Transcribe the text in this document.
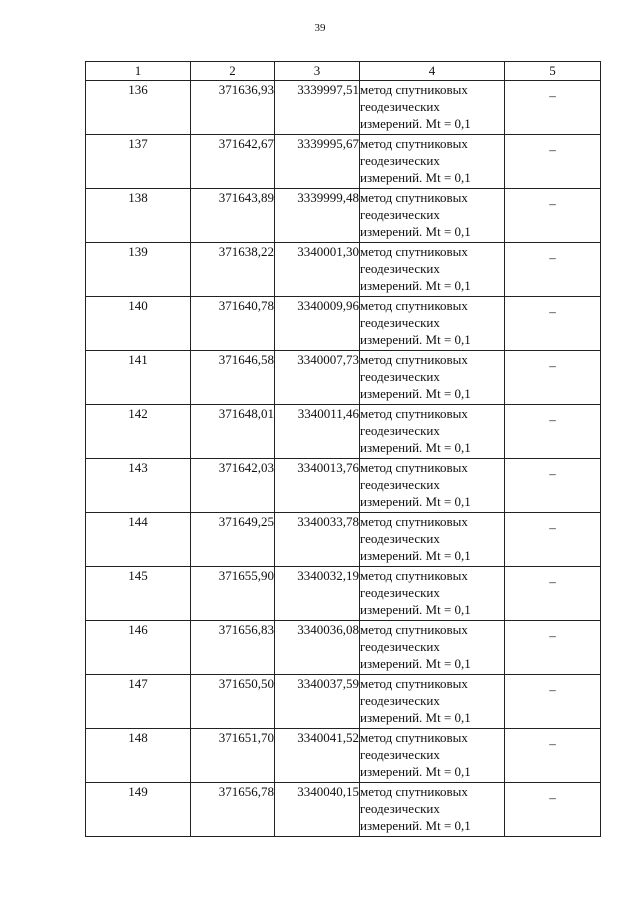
39
1	2	3	4	5
136	371636,93	3339997,51	метод спутниковых
геодезических
измерений. Mt = 0,1	–
137	371642,67	3339995,67	метод спутниковых
геодезических
измерений. Mt = 0,1	–
138	371643,89	3339999,48	метод спутниковых
геодезических
измерений. Mt = 0,1	–
139	371638,22	3340001,30	метод спутниковых
геодезических
измерений. Mt = 0,1	–
140	371640,78	3340009,96	метод спутниковых
геодезических
измерений. Mt = 0,1	–
141	371646,58	3340007,73	метод спутниковых
геодезических
измерений. Mt = 0,1	–
142	371648,01	3340011,46	метод спутниковых
геодезических
измерений. Mt = 0,1	–
143	371642,03	3340013,76	метод спутниковых
геодезических
измерений. Mt = 0,1	–
144	371649,25	3340033,78	метод спутниковых
геодезических
измерений. Mt = 0,1	–
145	371655,90	3340032,19	метод спутниковых
геодезических
измерений. Mt = 0,1	–
146	371656,83	3340036,08	метод спутниковых
геодезических
измерений. Mt = 0,1	–
147	371650,50	3340037,59	метод спутниковых
геодезических
измерений. Mt = 0,1	–
148	371651,70	3340041,52	метод спутниковых
геодезических
измерений. Mt = 0,1	–
149	371656,78	3340040,15	метод спутниковых
геодезических
измерений. Mt = 0,1	–
